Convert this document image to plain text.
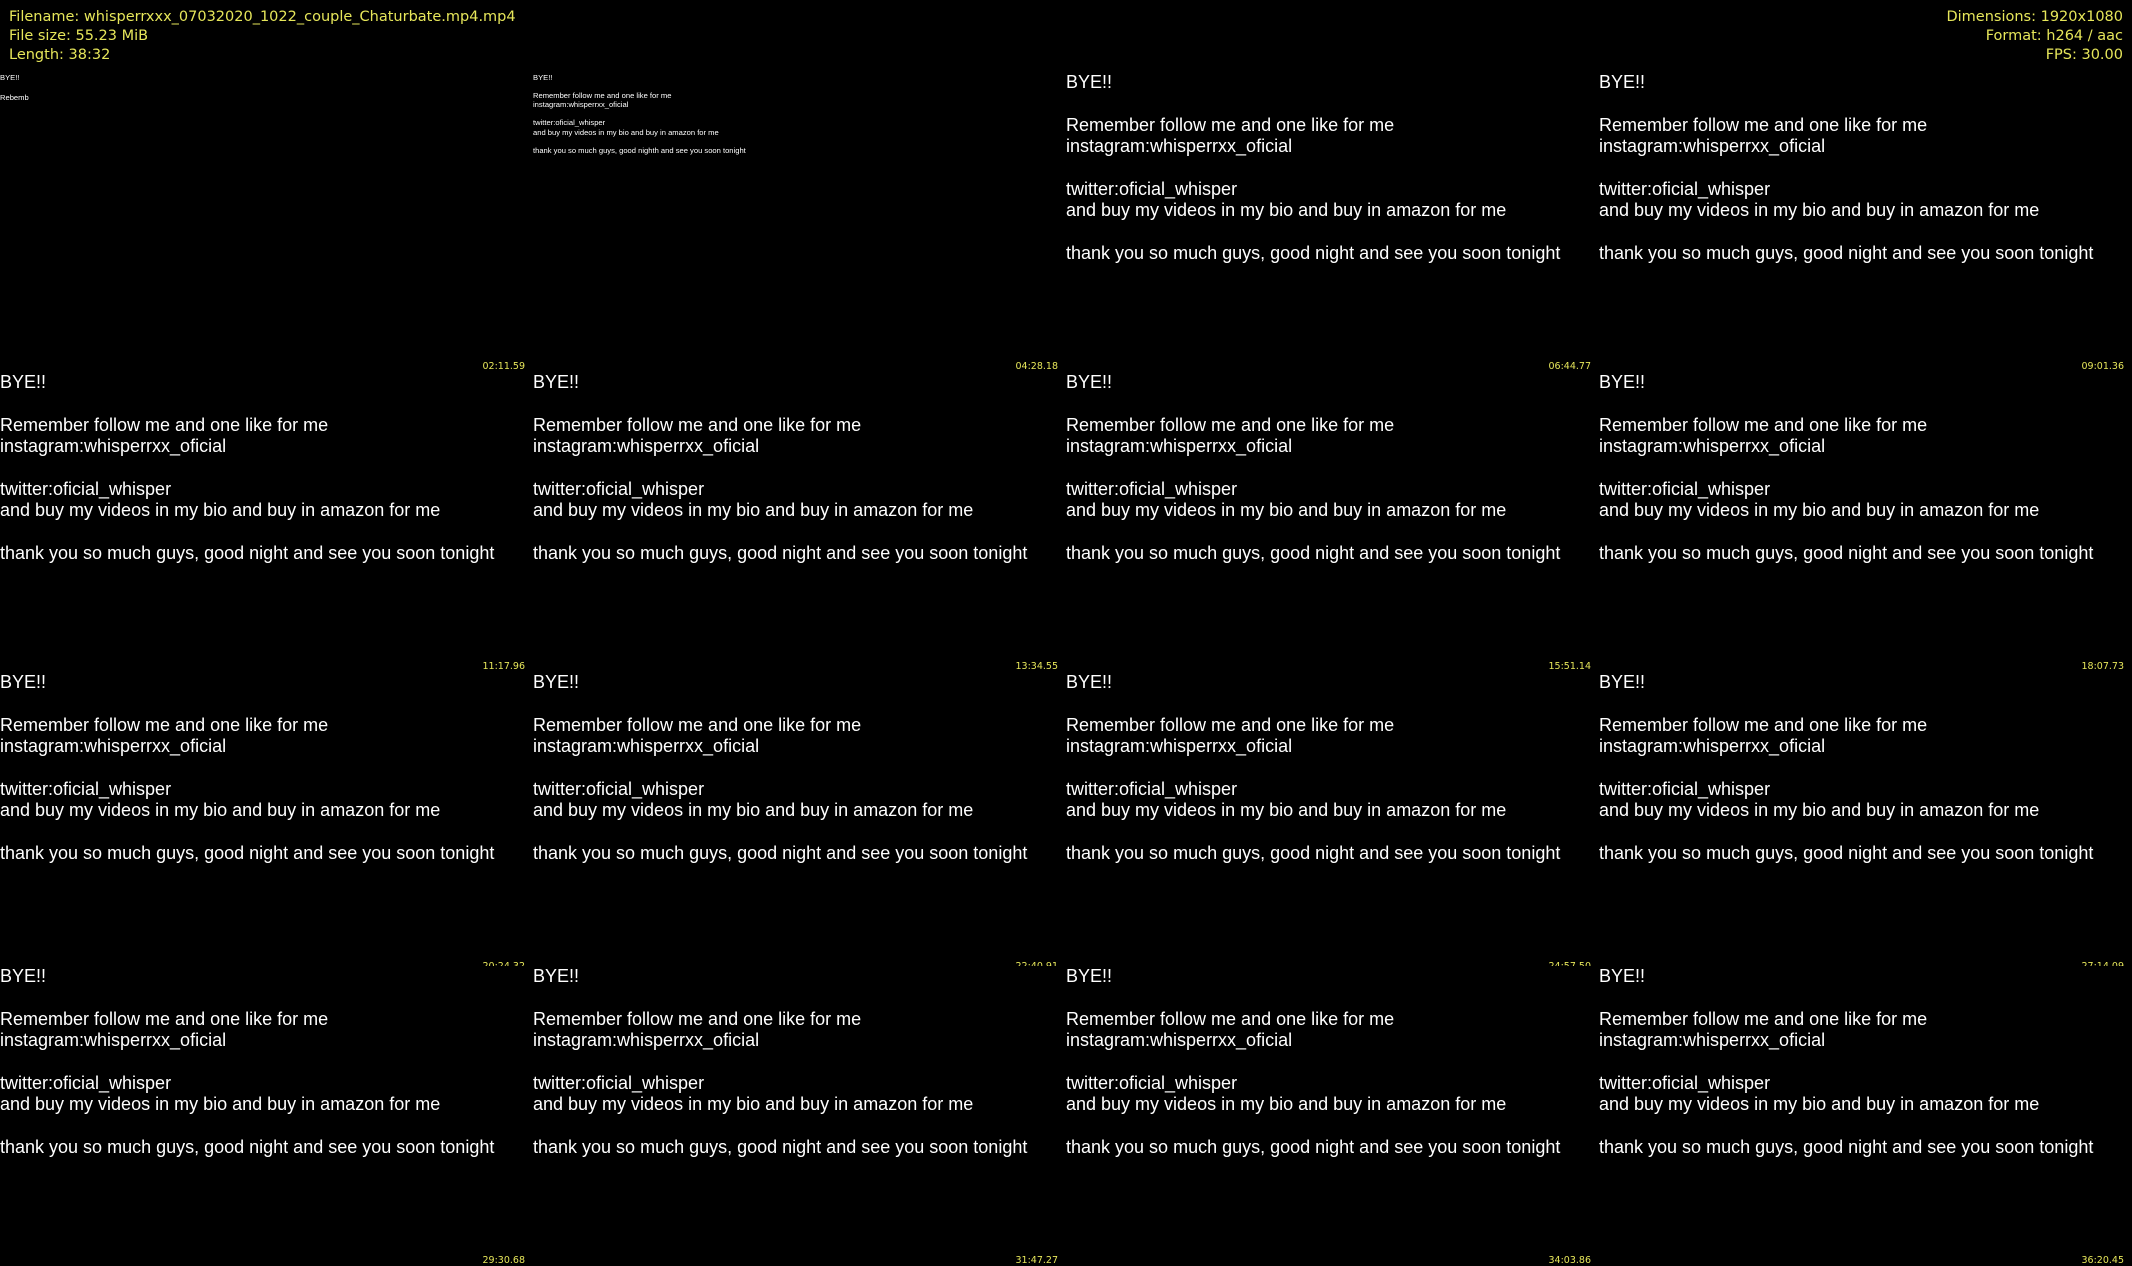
Filename: whisperrxxx_07032020_1022_couple_Chaturbate.mp4.mp4
File size: 55.23 MiB
Length: 38:32
Dimensions: 1920x1080
Format: h264 / aac
FPS: 30.00
BYE!!
Rebemb
02:11.59
BYE!!
Remember follow me and one like for me
instagram:whisperrxx_oficial
twitter:oficial_whisper
and buy my videos in my bio and buy in amazon for me
thank you so much guys, good nighth and see you soon tonight
04:28.18
BYE!!
Remember follow me and one like for me
instagram:whisperrxx_oficial
twitter:oficial_whisper
and buy my videos in my bio and buy in amazon for me
thank you so much guys, good night and see you soon tonight
06:44.77
BYE!!
Remember follow me and one like for me
instagram:whisperrxx_oficial
twitter:oficial_whisper
and buy my videos in my bio and buy in amazon for me
thank you so much guys, good night and see you soon tonight
09:01.36
BYE!!
Remember follow me and one like for me
instagram:whisperrxx_oficial
twitter:oficial_whisper
and buy my videos in my bio and buy in amazon for me
thank you so much guys, good night and see you soon tonight
11:17.96
BYE!!
Remember follow me and one like for me
instagram:whisperrxx_oficial
twitter:oficial_whisper
and buy my videos in my bio and buy in amazon for me
thank you so much guys, good night and see you soon tonight
13:34.55
BYE!!
Remember follow me and one like for me
instagram:whisperrxx_oficial
twitter:oficial_whisper
and buy my videos in my bio and buy in amazon for me
thank you so much guys, good night and see you soon tonight
15:51.14
BYE!!
Remember follow me and one like for me
instagram:whisperrxx_oficial
twitter:oficial_whisper
and buy my videos in my bio and buy in amazon for me
thank you so much guys, good night and see you soon tonight
18:07.73
BYE!!
Remember follow me and one like for me
instagram:whisperrxx_oficial
twitter:oficial_whisper
and buy my videos in my bio and buy in amazon for me
thank you so much guys, good night and see you soon tonight
BYE!!
Remember follow me and one like for me
instagram:whisperrxx_oficial
twitter:oficial_whisper
and buy my videos in my bio and buy in amazon for me
thank you so much guys, good night and see you soon tonight
BYE!!
Remember follow me and one like for me
instagram:whisperrxx_oficial
twitter:oficial_whisper
and buy my videos in my bio and buy in amazon for me
thank you so much guys, good night and see you soon tonight
BYE!!
Remember follow me and one like for me
instagram:whisperrxx_oficial
twitter:oficial_whisper
and buy my videos in my bio and buy in amazon for me
thank you so much guys, good night and see you soon tonight
BYE!!
Remember follow me and one like for me
instagram:whisperrxx_oficial
twitter:oficial_whisper
and buy my videos in my bio and buy in amazon for me
thank you so much guys, good night and see you soon tonight
29:30.68
BYE!!
Remember follow me and one like for me
instagram:whisperrxx_oficial
twitter:oficial_whisper
and buy my videos in my bio and buy in amazon for me
thank you so much guys, good night and see you soon tonight
31:47.27
BYE!!
Remember follow me and one like for me
instagram:whisperrxx_oficial
twitter:oficial_whisper
and buy my videos in my bio and buy in amazon for me
thank you so much guys, good night and see you soon tonight
34:03.86
BYE!!
Remember follow me and one like for me
instagram:whisperrxx_oficial
twitter:oficial_whisper
and buy my videos in my bio and buy in amazon for me
thank you so much guys, good night and see you soon tonight
36:20.45
